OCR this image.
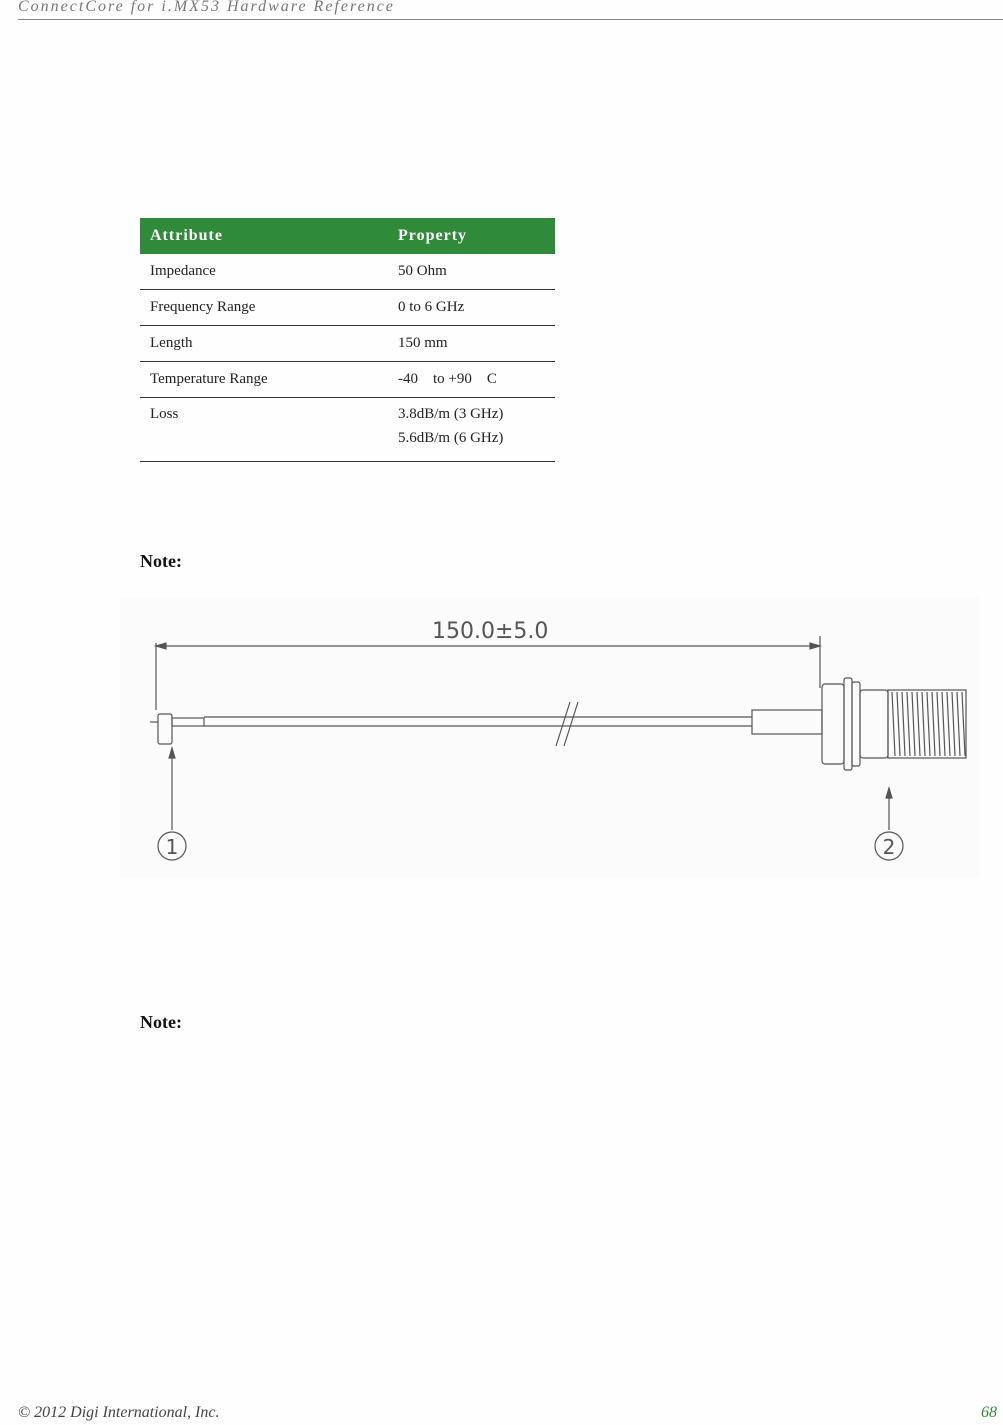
ConnectCore for i.MX53 Hardware Reference
Attribute	Property
Impedance	50 Ohm
Frequency Range	0 to 6 GHz
Length	150 mm
Temperature Range	-40    to +90    C
Loss	3.8dB/m (3 GHz)
5.6dB/m (6 GHz)
Note:
150.0±5.0
1	2
Note:
© 2012 Digi International, Inc.	68
